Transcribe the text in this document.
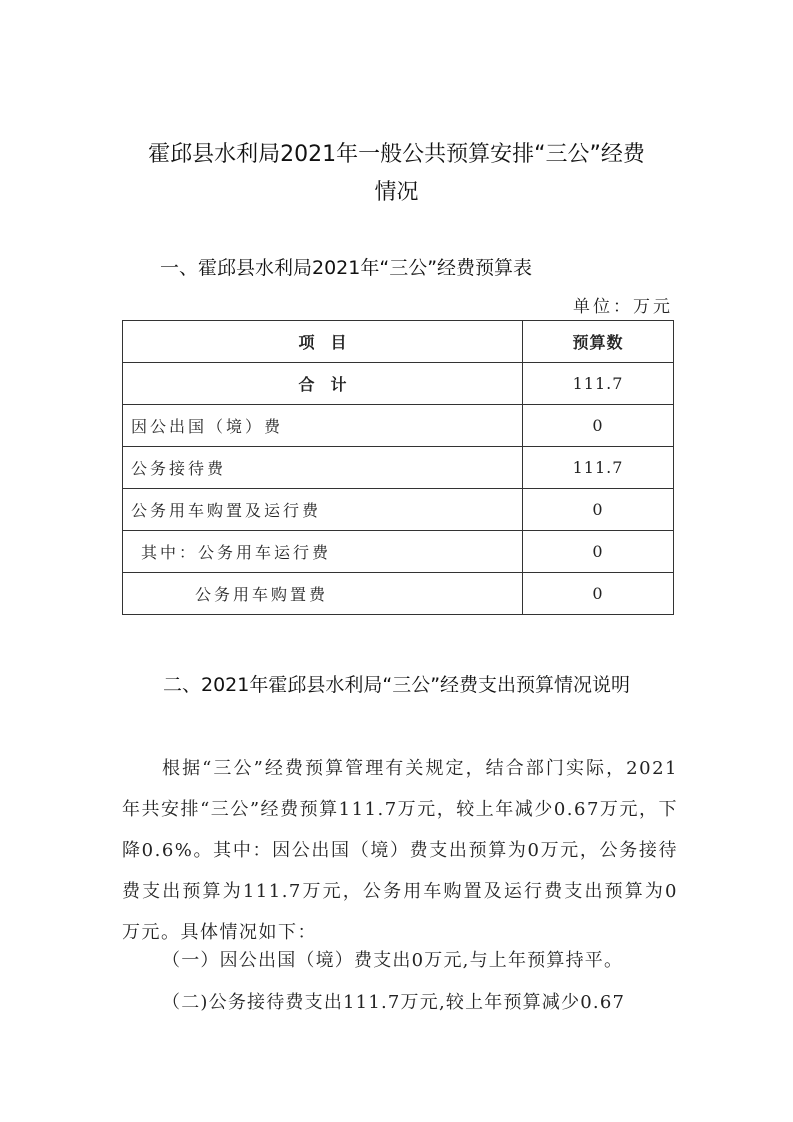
霍邱县水利局2021年一般公共预算安排“三公”经费
情况
一、霍邱县水利局2021年“三公”经费预算表
单位：万元
项　目	预算数
合　计	111.7
因公出国（境）费	0
公务接待费	111.7
公务用车购置及运行费	0
其中：公务用车运行费	0
公务用车购置费	0
二、2021年霍邱县水利局“三公”经费支出预算情况说明
根据“三公”经费预算管理有关规定，结合部门实际，2021年共安排“三公”经费预算111.7万元，较上年减少0.67万元，下降0.6%。其中：因公出国（境）费支出预算为0万元，公务接待费支出预算为111.7万元，公务用车购置及运行费支出预算为0万元。具体情况如下：
（一）因公出国（境）费支出0万元,与上年预算持平。
（二)公务接待费支出111.7万元,较上年预算减少0.67
